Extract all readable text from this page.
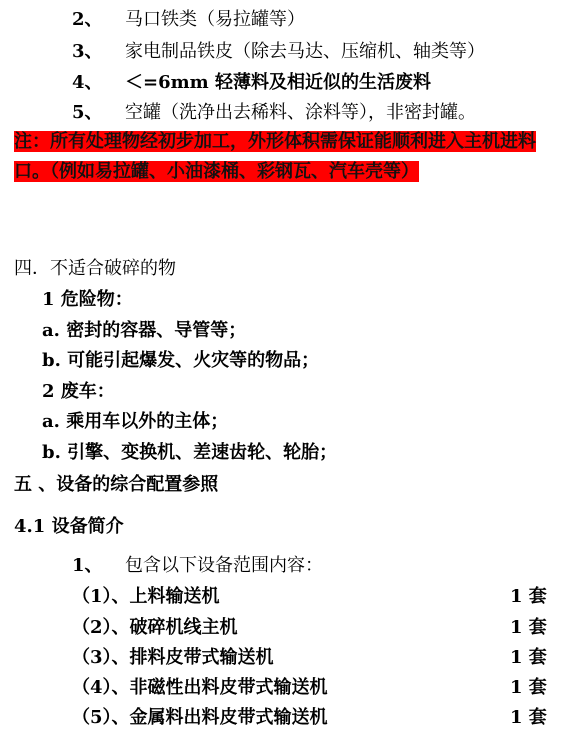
2、 马口铁类（易拉罐等）
3、 家电制品铁皮（除去马达、压缩机、轴类等）
4、 ＜=6mm 轻薄料及相近似的生活废料
5、 空罐（洗净出去稀料、涂料等），非密封罐。
注：所有处理物经初步加工，外形体积需保证能顺利进入主机进料口。（例如易拉罐、小油漆桶、彩钢瓦、汽车壳等）
四．不适合破碎的物
1 危险物：
a. 密封的容器、导管等；
b. 可能引起爆发、火灾等的物品；
2 废车：
a. 乘用车以外的主体；
b. 引擎、变换机、差速齿轮、轮胎；
五 、设备的综合配置参照
4.1 设备简介
1、 包含以下设备范围内容：
（1）、上料输送机	1 套
（2）、破碎机线主机	1 套
（3）、排料皮带式输送机	1 套
（4）、非磁性出料皮带式输送机	1 套
（5）、金属料出料皮带式输送机	1 套
